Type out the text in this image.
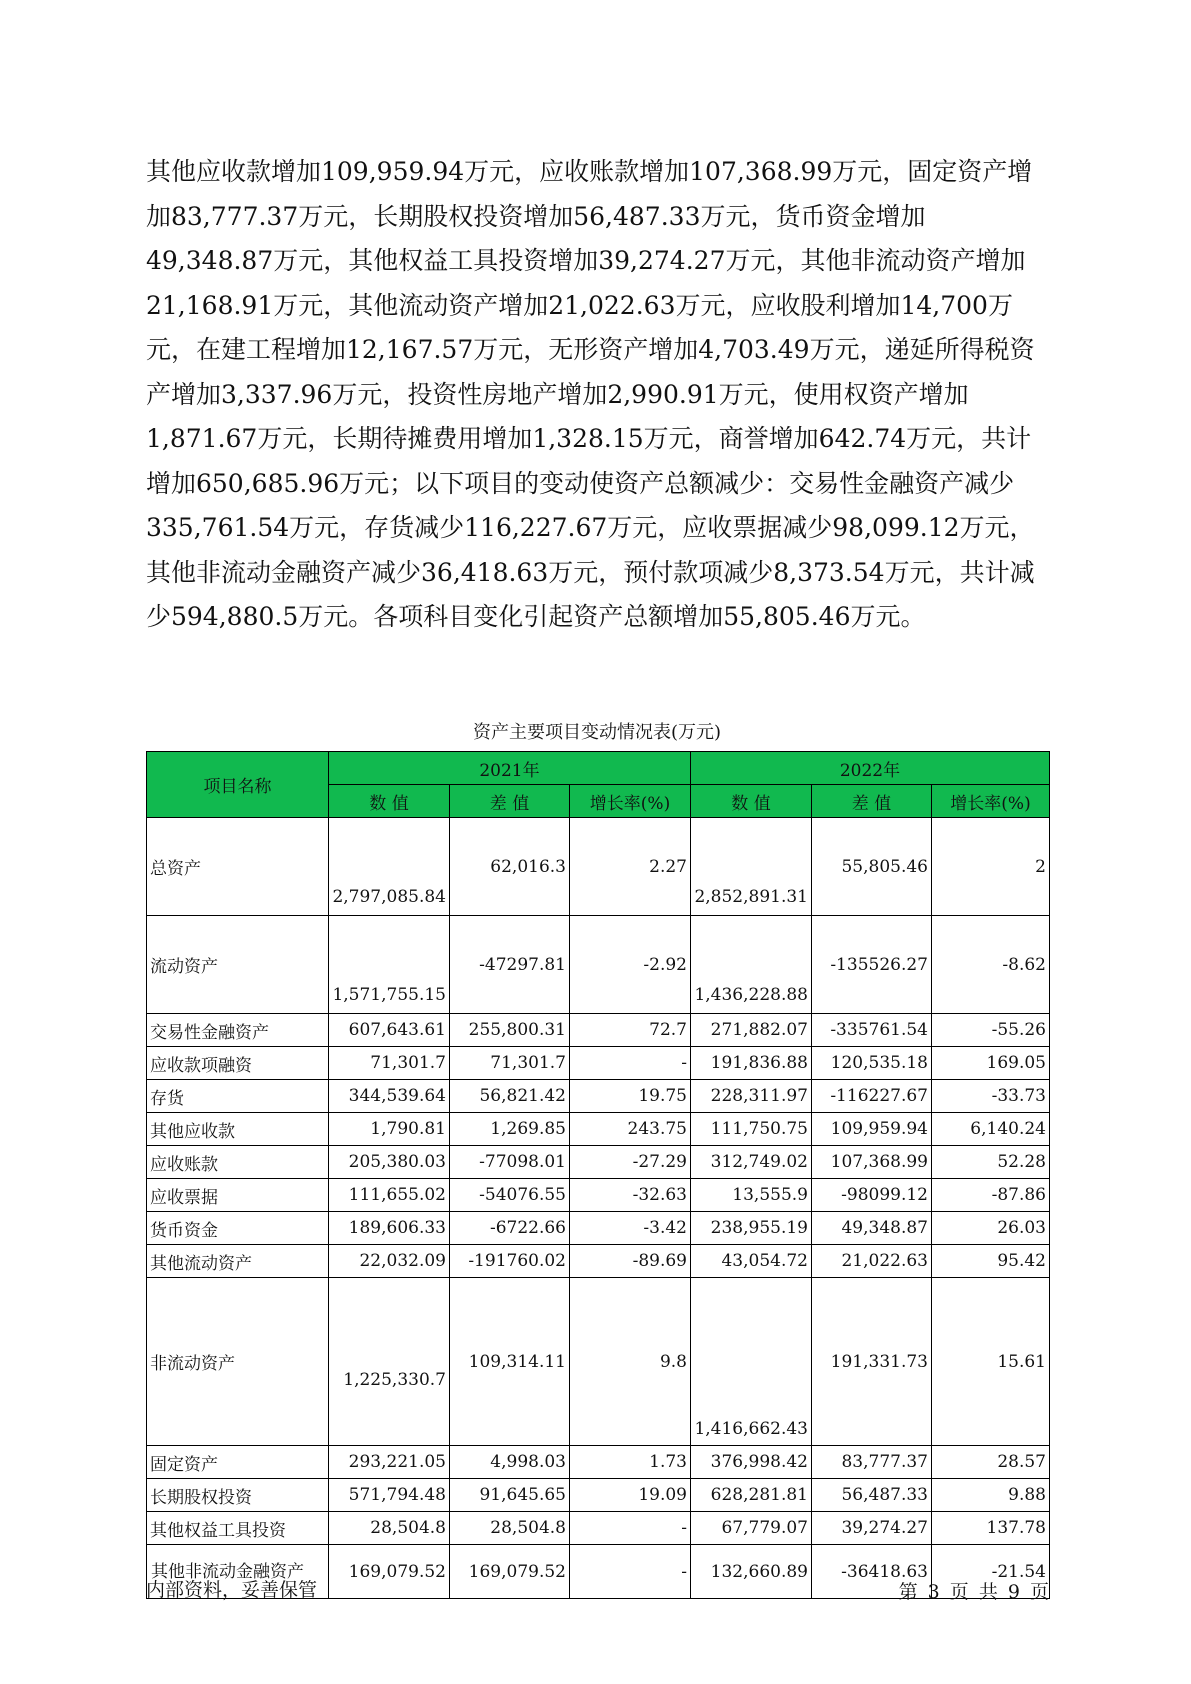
其他应收款增加109,959.94万元，应收账款增加107,368.99万元，固定资产增加83,777.37万元，长期股权投资增加56,487.33万元，货币资金增加49,348.87万元，其他权益工具投资增加39,274.27万元，其他非流动资产增加21,168.91万元，其他流动资产增加21,022.63万元，应收股利增加14,700万元，在建工程增加12,167.57万元，无形资产增加4,703.49万元，递延所得税资产增加3,337.96万元，投资性房地产增加2,990.91万元，使用权资产增加1,871.67万元，长期待摊费用增加1,328.15万元，商誉增加642.74万元，共计增加650,685.96万元；以下项目的变动使资产总额减少：交易性金融资产减少335,761.54万元，存货减少116,227.67万元，应收票据减少98,099.12万元，其他非流动金融资产减少36,418.63万元，预付款项减少8,373.54万元，共计减少594,880.5万元。各项科目变化引起资产总额增加55,805.46万元。

资产主要项目变动情况表(万元)
项目名称	2021年			2022年		
	数 值	差 值	增长率(%)	数 值	差 值	增长率(%)
总资产	2,797,085.84	62,016.3	2.27	2,852,891.31	55,805.46	2
流动资产	1,571,755.15	-47297.81	-2.92	1,436,228.88	-135526.27	-8.62
交易性金融资产	607,643.61	255,800.31	72.7	271,882.07	-335761.54	-55.26
应收款项融资	71,301.7	71,301.7	-	191,836.88	120,535.18	169.05
存货	344,539.64	56,821.42	19.75	228,311.97	-116227.67	-33.73
其他应收款	1,790.81	1,269.85	243.75	111,750.75	109,959.94	6,140.24
应收账款	205,380.03	-77098.01	-27.29	312,749.02	107,368.99	52.28
应收票据	111,655.02	-54076.55	-32.63	13,555.9	-98099.12	-87.86
货币资金	189,606.33	-6722.66	-3.42	238,955.19	49,348.87	26.03
其他流动资产	22,032.09	-191760.02	-89.69	43,054.72	21,022.63	95.42
非流动资产	1,225,330.7	109,314.11	9.8	1,416,662.43	191,331.73	15.61
固定资产	293,221.05	4,998.03	1.73	376,998.42	83,777.37	28.57
长期股权投资	571,794.48	91,645.65	19.09	628,281.81	56,487.33	9.88
其他权益工具投资	28,504.8	28,504.8	-	67,779.07	39,274.27	137.78
其他非流动金融资产	169,079.52	169,079.52	-	132,660.89	-36418.63	-21.54
内部资料，妥善保管	第 3 页 共 9 页
